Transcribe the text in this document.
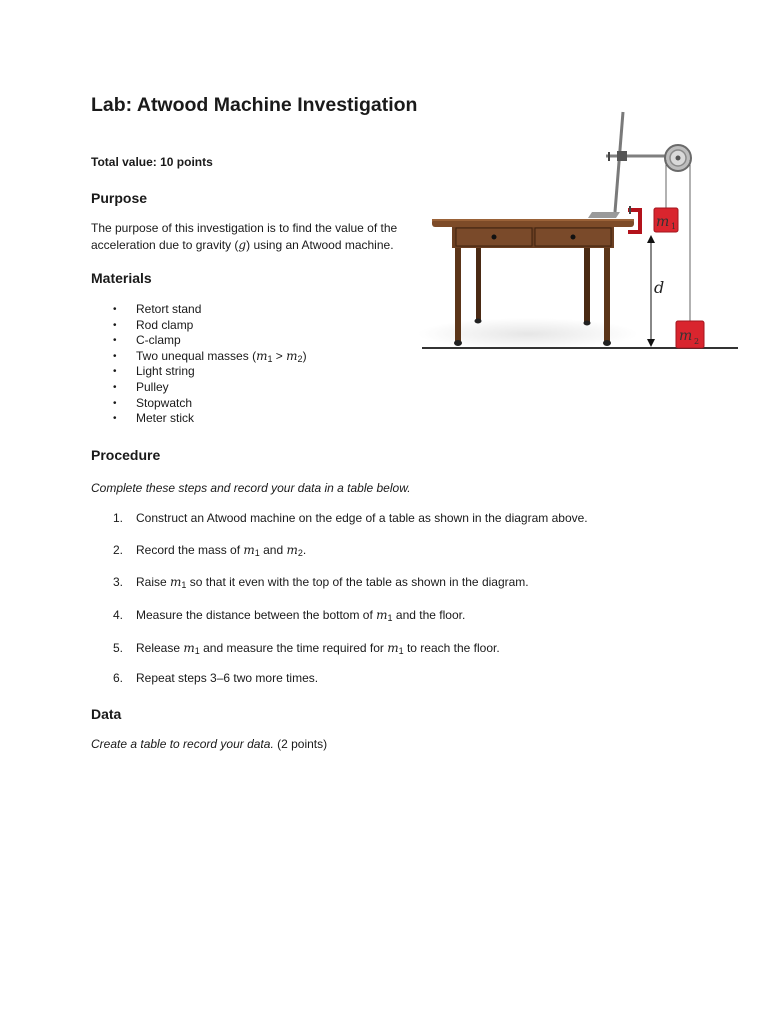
Lab: Atwood Machine Investigation
Total value: 10 points
Purpose
The purpose of this investigation is to find the value of the acceleration due to gravity (g) using an Atwood machine.
Materials
• Retort stand
• Rod clamp
• C-clamp
• Two unequal masses $(m_1 > m_2)$
• Light string
• Pulley
• Stopwatch
• Meter stick
Procedure
Complete these steps and record your data in a table below.
1. Construct an Atwood machine on the edge of a table as shown in the diagram above.
2. Record the mass of $m_1$ and $m_2$.
3. Raise $m_1$ so that it even with the top of the table as shown in the diagram.
4. Measure the distance between the bottom of $m_1$ and the floor.
5. Release $m_1$ and measure the time required for $m_1$ to reach the floor.
6. Repeat steps 3–6 two more times.
Data
Create a table to record your data. (2 points)
m 1
m 2
d
